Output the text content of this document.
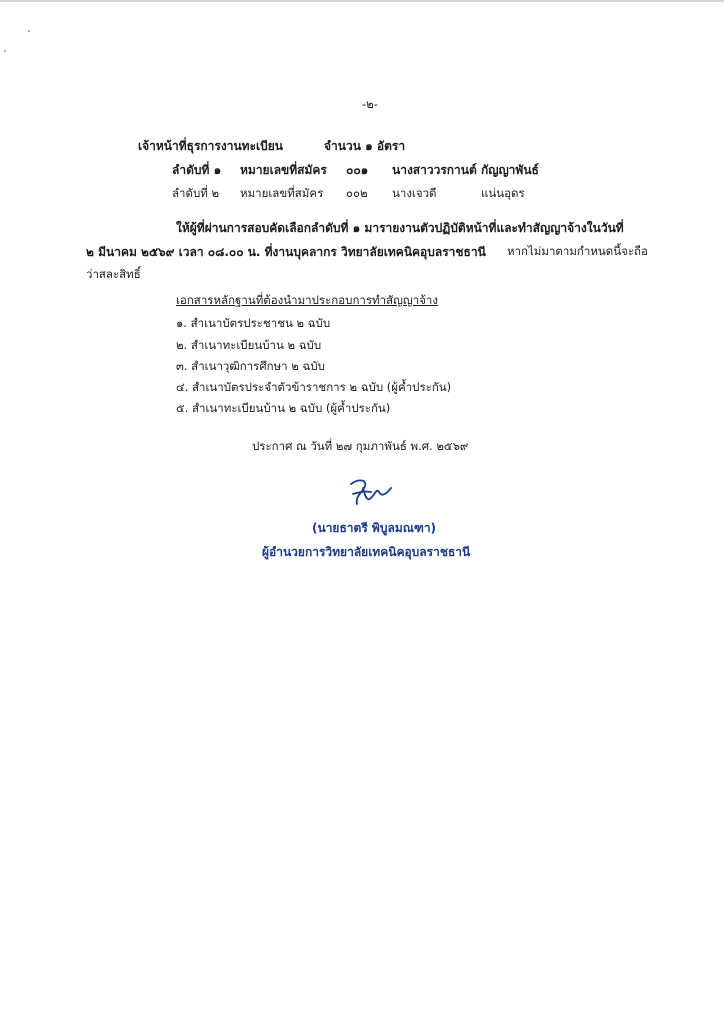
-๒-
เจ้าหน้าที่ธุรการงานทะเบียน	จำนวน ๑ อัตรา
ลำดับที่ ๑ หมายเลขที่สมัคร ๐๐๑ นางสาววรกานต์ กัญญาพันธ์
ลำดับที่ ๒ หมายเลขที่สมัคร ๐๐๒ นางเจวดี	แน่นอุดร
ให้ผู้ที่ผ่านการสอบคัดเลือกลำดับที่ ๑ มารายงานตัวปฏิบัติหน้าที่และทำสัญญาจ้างในวันที่
๒ มีนาคม ๒๕๖๙ เวลา ๐๘.๐๐ น. ที่งานบุคลากร วิทยาลัยเทคนิคอุบลราชธานี หากไม่มาตามกำหนดนี้จะถือ
ว่าสละสิทธิ์
เอกสารหลักฐานที่ต้องนำมาประกอบการทำสัญญาจ้าง
๑. สำเนาบัตรประชาชน ๒ ฉบับ
๒. สำเนาทะเบียนบ้าน ๒ ฉบับ
๓. สำเนาวุฒิการศึกษา ๒ ฉบับ
๔. สำเนาบัตรประจำตัวข้าราชการ ๒ ฉบับ (ผู้ค้ำประกัน)
๕. สำเนาทะเบียนบ้าน ๒ ฉบับ (ผู้ค้ำประกัน)
ประกาศ ณ วันที่ ๒๗ กุมภาพันธ์ พ.ศ. ๒๕๖๙
(นายธาตรี พิบูลมณฑา)
ผู้อำนวยการวิทยาลัยเทคนิคอุบลราชธานี
